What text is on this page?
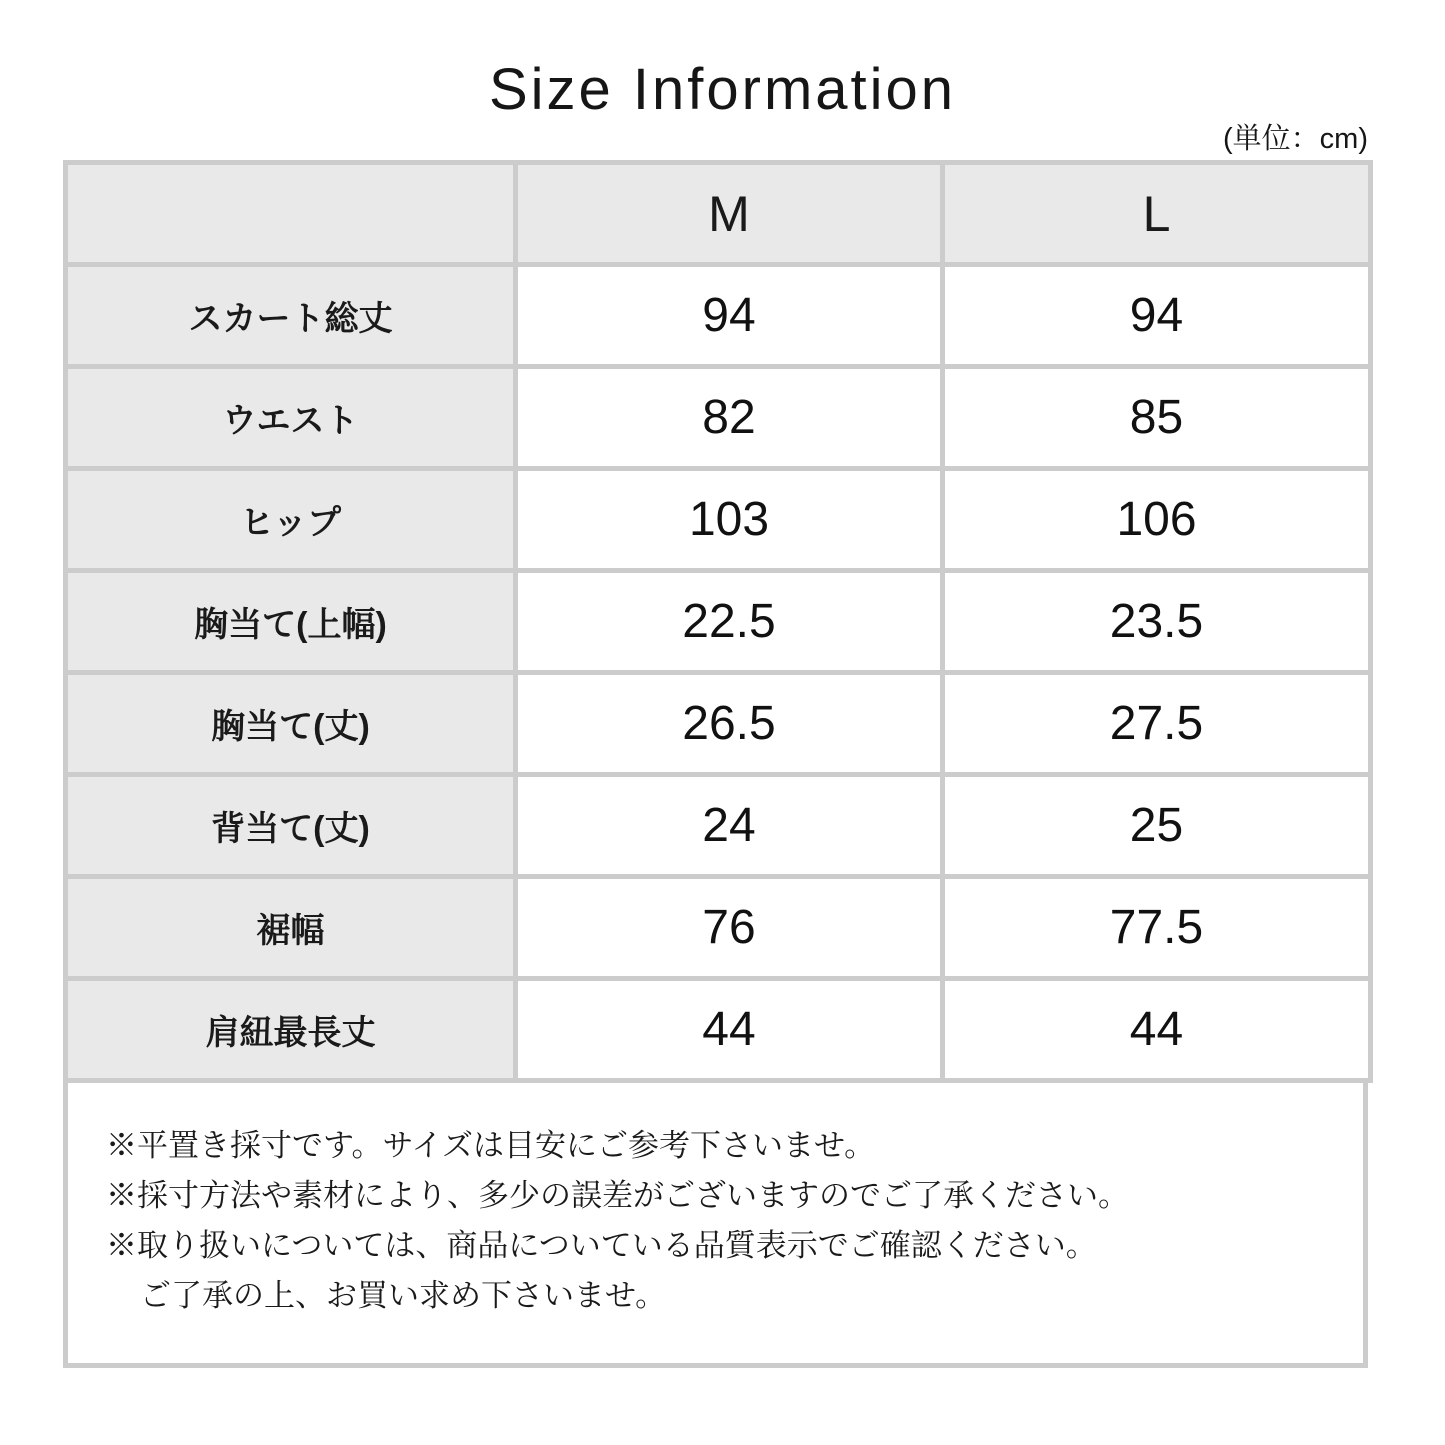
Size Information
(単位：cm)
	M	L
スカート総丈	94	94
ウエスト	82	85
ヒップ	103	106
胸当て(上幅)	22.5	23.5
胸当て(丈)	26.5	27.5
背当て(丈)	24	25
裾幅	76	77.5
肩紐最長丈	44	44
※平置き採寸です。サイズは目安にご参考下さいませ。
※採寸方法や素材により、多少の誤差がございますのでご了承ください。
※取り扱いについては、商品についている品質表示でご確認ください。
ご了承の上、お買い求め下さいませ。
